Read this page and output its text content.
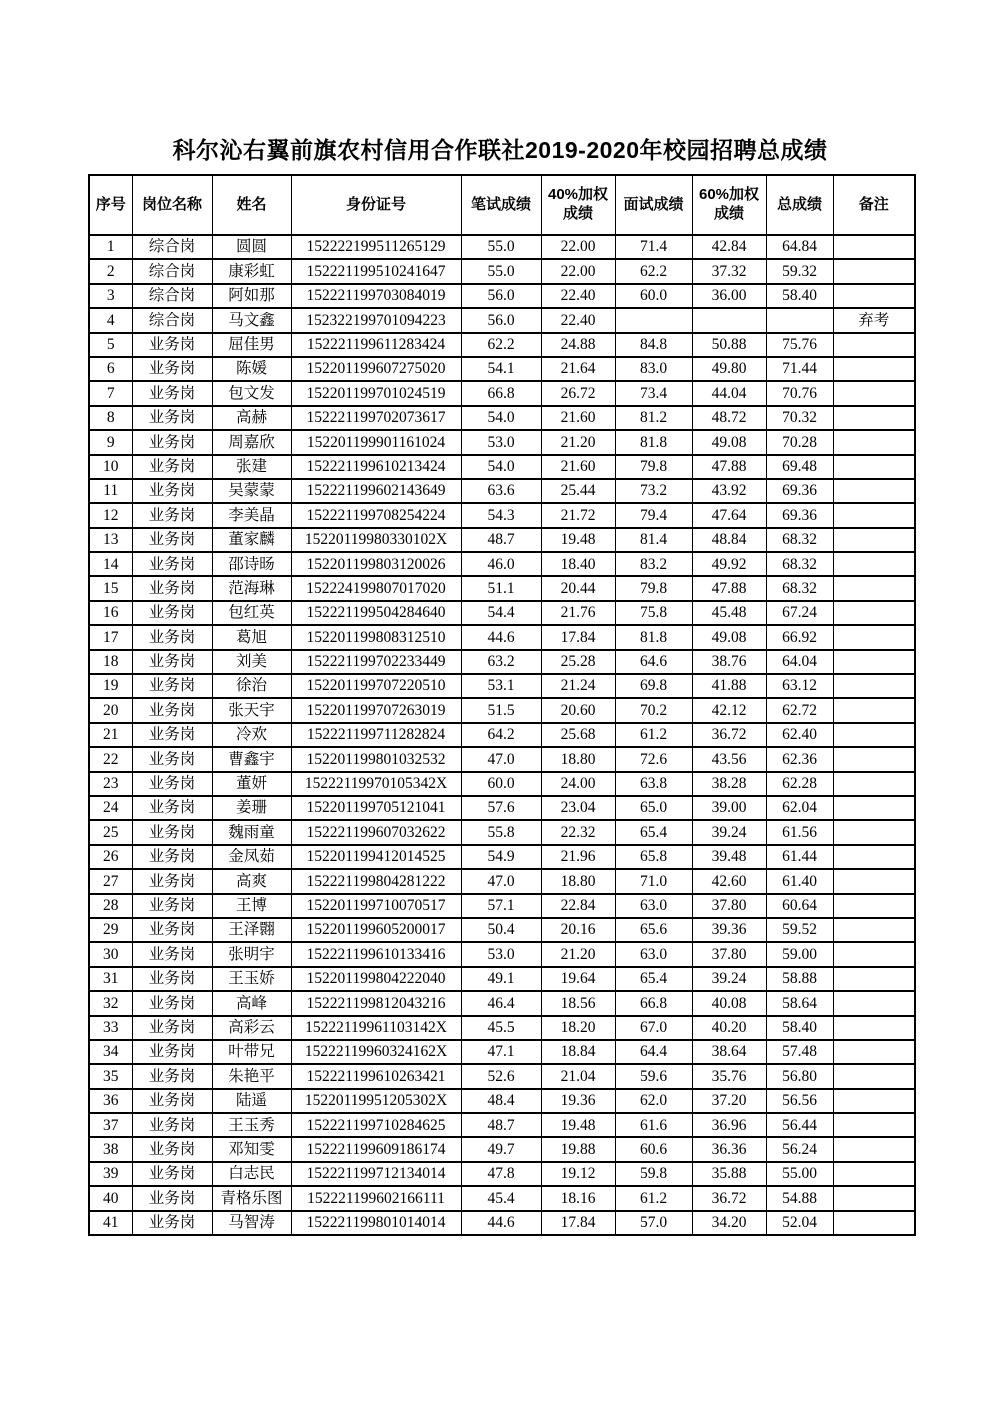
科尔沁右翼前旗农村信用合作联社2019-2020年校园招聘总成绩
序号	岗位名称	姓名	身份证号	笔试成绩	40%加权成绩	面试成绩	60%加权成绩	总成绩	备注
1	综合岗	圆圆	152222199511265129	55.0	22.00	71.4	42.84	64.84	
2	综合岗	康彩虹	152221199510241647	55.0	22.00	62.2	37.32	59.32	
3	综合岗	阿如那	152221199703084019	56.0	22.40	60.0	36.00	58.40	
4	综合岗	马文鑫	152322199701094223	56.0	22.40				弃考
5	业务岗	屈佳男	152221199611283424	62.2	24.88	84.8	50.88	75.76	
6	业务岗	陈媛	152201199607275020	54.1	21.64	83.0	49.80	71.44	
7	业务岗	包文发	152201199701024519	66.8	26.72	73.4	44.04	70.76	
8	业务岗	高赫	152221199702073617	54.0	21.60	81.2	48.72	70.32	
9	业务岗	周嘉欣	152201199901161024	53.0	21.20	81.8	49.08	70.28	
10	业务岗	张建	152221199610213424	54.0	21.60	79.8	47.88	69.48	
11	业务岗	吴蒙蒙	152221199602143649	63.6	25.44	73.2	43.92	69.36	
12	业务岗	李美晶	152221199708254224	54.3	21.72	79.4	47.64	69.36	
13	业务岗	董家麟	15220119980330102X	48.7	19.48	81.4	48.84	68.32	
14	业务岗	邵诗旸	152201199803120026	46.0	18.40	83.2	49.92	68.32	
15	业务岗	范海琳	152224199807017020	51.1	20.44	79.8	47.88	68.32	
16	业务岗	包红英	152221199504284640	54.4	21.76	75.8	45.48	67.24	
17	业务岗	葛旭	152201199808312510	44.6	17.84	81.8	49.08	66.92	
18	业务岗	刘美	152221199702233449	63.2	25.28	64.6	38.76	64.04	
19	业务岗	徐治	152201199707220510	53.1	21.24	69.8	41.88	63.12	
20	业务岗	张天宇	152201199707263019	51.5	20.60	70.2	42.12	62.72	
21	业务岗	冷欢	152221199711282824	64.2	25.68	61.2	36.72	62.40	
22	业务岗	曹鑫宇	152201199801032532	47.0	18.80	72.6	43.56	62.36	
23	业务岗	董妍	15222119970105342X	60.0	24.00	63.8	38.28	62.28	
24	业务岗	姜珊	152201199705121041	57.6	23.04	65.0	39.00	62.04	
25	业务岗	魏雨童	152221199607032622	55.8	22.32	65.4	39.24	61.56	
26	业务岗	金凤茹	152201199412014525	54.9	21.96	65.8	39.48	61.44	
27	业务岗	高爽	152221199804281222	47.0	18.80	71.0	42.60	61.40	
28	业务岗	王博	152201199710070517	57.1	22.84	63.0	37.80	60.64	
29	业务岗	王泽翾	152201199605200017	50.4	20.16	65.6	39.36	59.52	
30	业务岗	张明宇	152221199610133416	53.0	21.20	63.0	37.80	59.00	
31	业务岗	王玉娇	152201199804222040	49.1	19.64	65.4	39.24	58.88	
32	业务岗	高峰	152221199812043216	46.4	18.56	66.8	40.08	58.64	
33	业务岗	高彩云	15222119961103142X	45.5	18.20	67.0	40.20	58.40	
34	业务岗	叶带兄	15222119960324162X	47.1	18.84	64.4	38.64	57.48	
35	业务岗	朱艳平	152221199610263421	52.6	21.04	59.6	35.76	56.80	
36	业务岗	陆遥	15220119951205302X	48.4	19.36	62.0	37.20	56.56	
37	业务岗	王玉秀	152221199710284625	48.7	19.48	61.6	36.96	56.44	
38	业务岗	邓知雯	152221199609186174	49.7	19.88	60.6	36.36	56.24	
39	业务岗	白志民	152221199712134014	47.8	19.12	59.8	35.88	55.00	
40	业务岗	青格乐图	152221199602166111	45.4	18.16	61.2	36.72	54.88	
41	业务岗	马智涛	152221199801014014	44.6	17.84	57.0	34.20	52.04	
